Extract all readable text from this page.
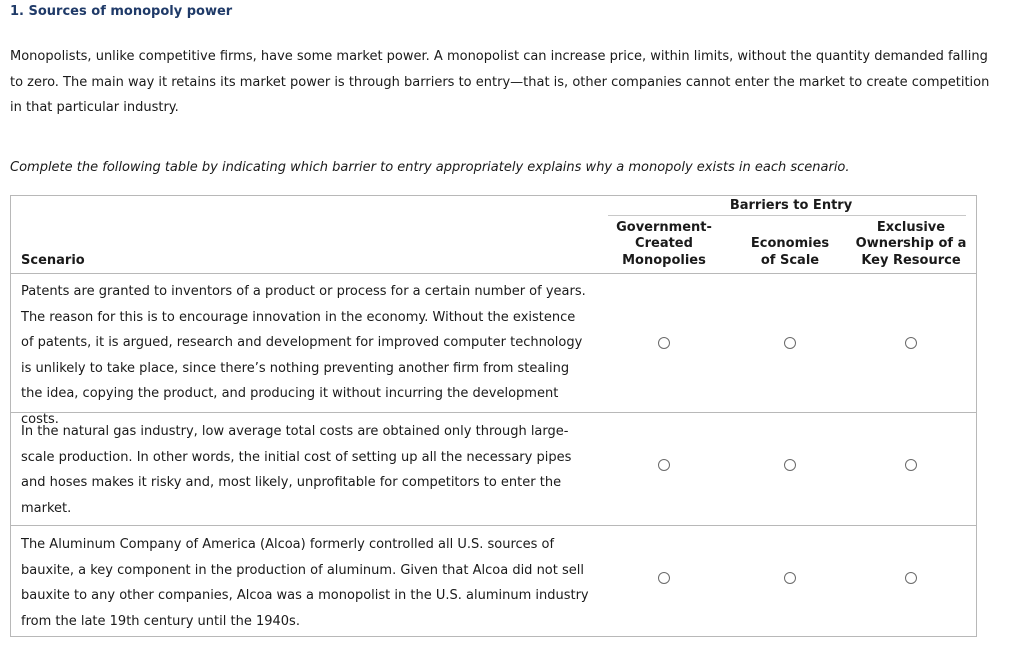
1. Sources of monopoly power
Monopolists, unlike competitive firms, have some market power. A monopolist can increase price, within limits, without the quantity demanded falling to zero. The main way it retains its market power is through barriers to entry—that is, other companies cannot enter the market to create competition in that particular industry.
Complete the following table by indicating which barrier to entry appropriately explains why a monopoly exists in each scenario.
Barriers to Entry
Scenario
Government-
Created
Monopolies
Economies
of Scale
Exclusive
Ownership of a
Key Resource
Patents are granted to inventors of a product or process for a certain number of years. The reason for this is to encourage innovation in the economy. Without the existence of patents, it is argued, research and development for improved computer technology is unlikely to take place, since there’s nothing preventing another firm from stealing the idea, copying the product, and producing it without incurring the development costs.
In the natural gas industry, low average total costs are obtained only through large-scale production. In other words, the initial cost of setting up all the necessary pipes and hoses makes it risky and, most likely, unprofitable for competitors to enter the market.
The Aluminum Company of America (Alcoa) formerly controlled all U.S. sources of bauxite, a key component in the production of aluminum. Given that Alcoa did not sell bauxite to any other companies, Alcoa was a monopolist in the U.S. aluminum industry from the late 19th century until the 1940s.
